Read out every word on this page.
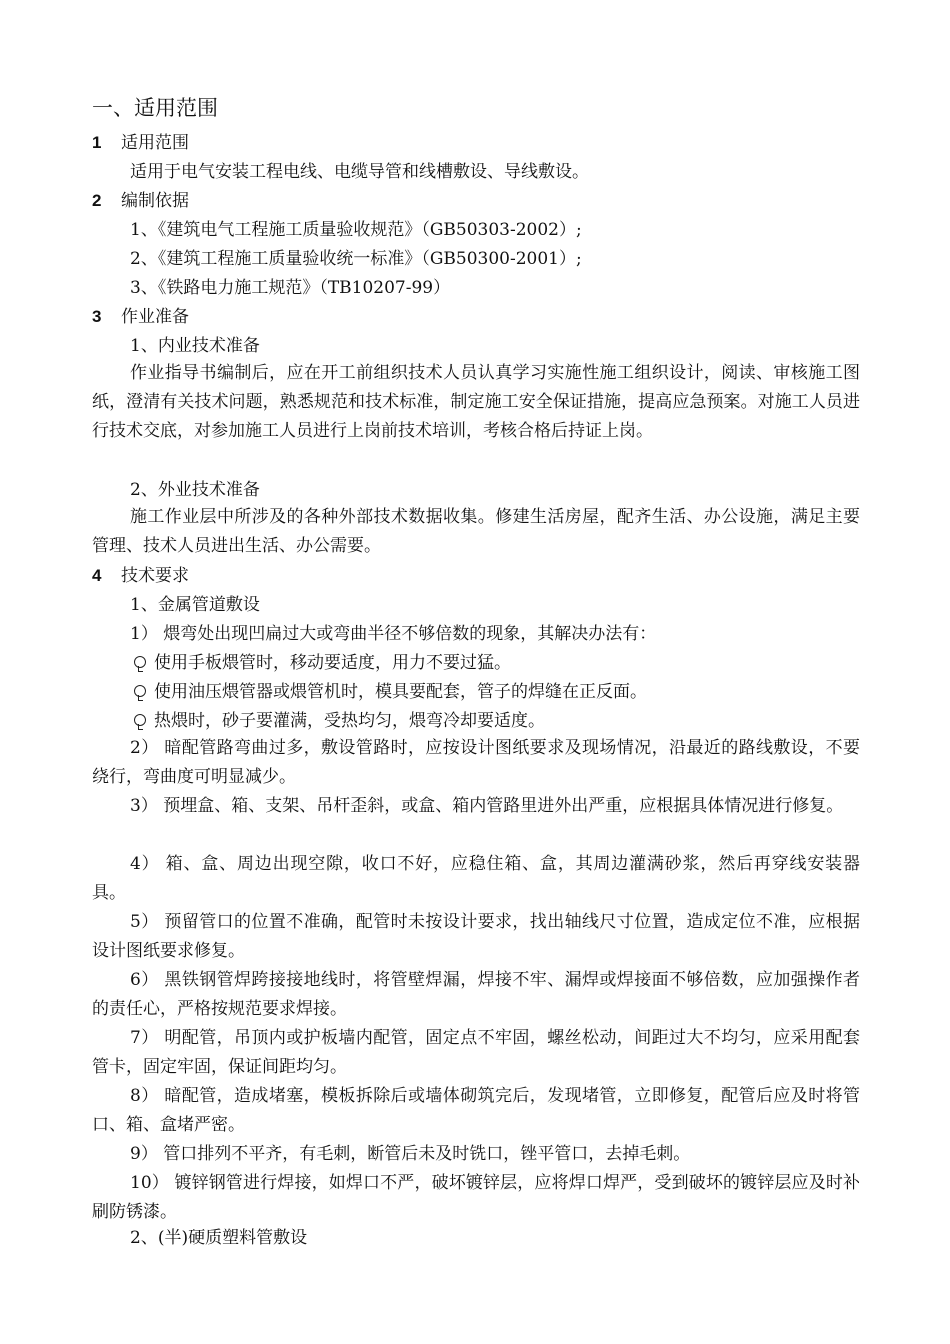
一、适用范围
1 适用范围
适用于电气安装工程电线、电缆导管和线槽敷设、导线敷设。
2 编制依据
1、《建筑电气工程施工质量验收规范》（GB50303-2002）;
2、《建筑工程施工质量验收统一标准》（GB50300-2001）;
3、《铁路电力施工规范》（TB10207-99）
3 作业准备
1、内业技术准备
作业指导书编制后，应在开工前组织技术人员认真学习实施性施工组织设计，阅读、审核施工图纸，澄清有关技术问题，熟悉规范和技术标准，制定施工安全保证措施，提高应急预案。对施工人员进行技术交底，对参加施工人员进行上岗前技术培训，考核合格后持证上岗。
2、外业技术准备
施工作业层中所涉及的各种外部技术数据收集。修建生活房屋，配齐生活、办公设施，满足主要管理、技术人员进出生活、办公需要。
4 技术要求
1、金属管道敷设
1） 煨弯处出现凹扁过大或弯曲半径不够倍数的现象，其解决办法有：
使用手板煨管时，移动要适度，用力不要过猛。
使用油压煨管器或煨管机时，模具要配套，管子的焊缝在正反面。
热煨时，砂子要灌满，受热均匀，煨弯冷却要适度。
2） 暗配管路弯曲过多，敷设管路时，应按设计图纸要求及现场情况，沿最近的路线敷设，不要绕行，弯曲度可明显减少。
3） 预埋盒、箱、支架、吊杆歪斜，或盒、箱内管路里进外出严重，应根据具体情况进行修复。
4） 箱、盒、周边出现空隙，收口不好，应稳住箱、盒，其周边灌满砂浆，然后再穿线安装器具。
5） 预留管口的位置不准确，配管时未按设计要求，找出轴线尺寸位置，造成定位不准，应根据设计图纸要求修复。
6） 黑铁钢管焊跨接接地线时，将管壁焊漏，焊接不牢、漏焊或焊接面不够倍数，应加强操作者的责任心，严格按规范要求焊接。
7） 明配管，吊顶内或护板墙内配管，固定点不牢固，螺丝松动，间距过大不均匀，应采用配套管卡，固定牢固，保证间距均匀。
8） 暗配管，造成堵塞，模板拆除后或墙体砌筑完后，发现堵管，立即修复，配管后应及时将管口、箱、盒堵严密。
9） 管口排列不平齐，有毛刺，断管后未及时铣口，锉平管口，去掉毛刺。
10） 镀锌钢管进行焊接，如焊口不严，破坏镀锌层，应将焊口焊严，受到破坏的镀锌层应及时补刷防锈漆。
2、(半)硬质塑料管敷设
